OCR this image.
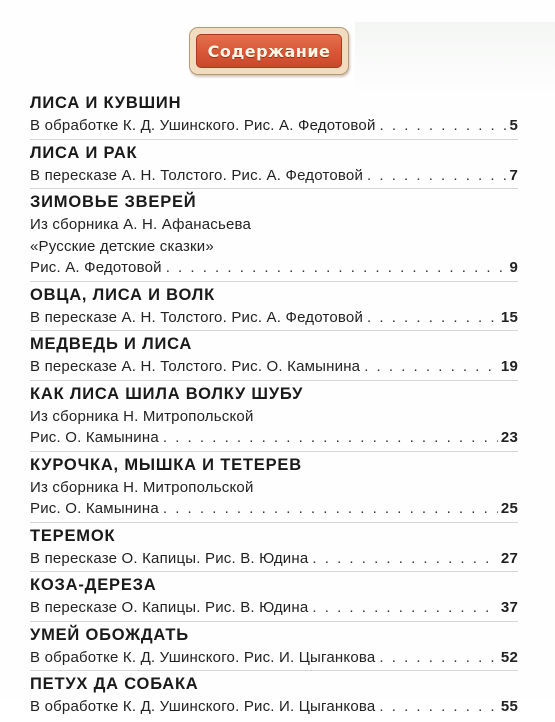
Содержание
ЛИСА И КУВШИН
В обработке К. Д. Ушинского. Рис. А. Федотовой . . .	5
ЛИСА И РАК
В пересказе А. Н. Толстого. Рис. А. Федотовой . . .	7
ЗИМОВЬЕ ЗВЕРЕЙ
Из сборника А. Н. Афанасьева
«Русские детские сказки»
Рис. А. Федотовой . . .	9
ОВЦА, ЛИСА И ВОЛК
В пересказе А. Н. Толстого. Рис. А. Федотовой . . .	15
МЕДВЕДЬ И ЛИСА
В пересказе А. Н. Толстого. Рис. О. Камынина . . .	19
КАК ЛИСА ШИЛА ВОЛКУ ШУБУ
Из сборника Н. Митропольской
Рис. О. Камынина . . .	23
КУРОЧКА, МЫШКА И ТЕТЕРЕВ
Из сборника Н. Митропольской
Рис. О. Камынина . . .	25
ТЕРЕМОК
В пересказе О. Капицы. Рис. В. Юдина . . .	27
КОЗА-ДЕРЕЗА
В пересказе О. Капицы. Рис. В. Юдина . . .	37
УМЕЙ ОБОЖДАТЬ
В обработке К. Д. Ушинского. Рис. И. Цыганкова . . .	52
ПЕТУХ ДА СОБАКА
В обработке К. Д. Ушинского. Рис. И. Цыганкова . . .	55
